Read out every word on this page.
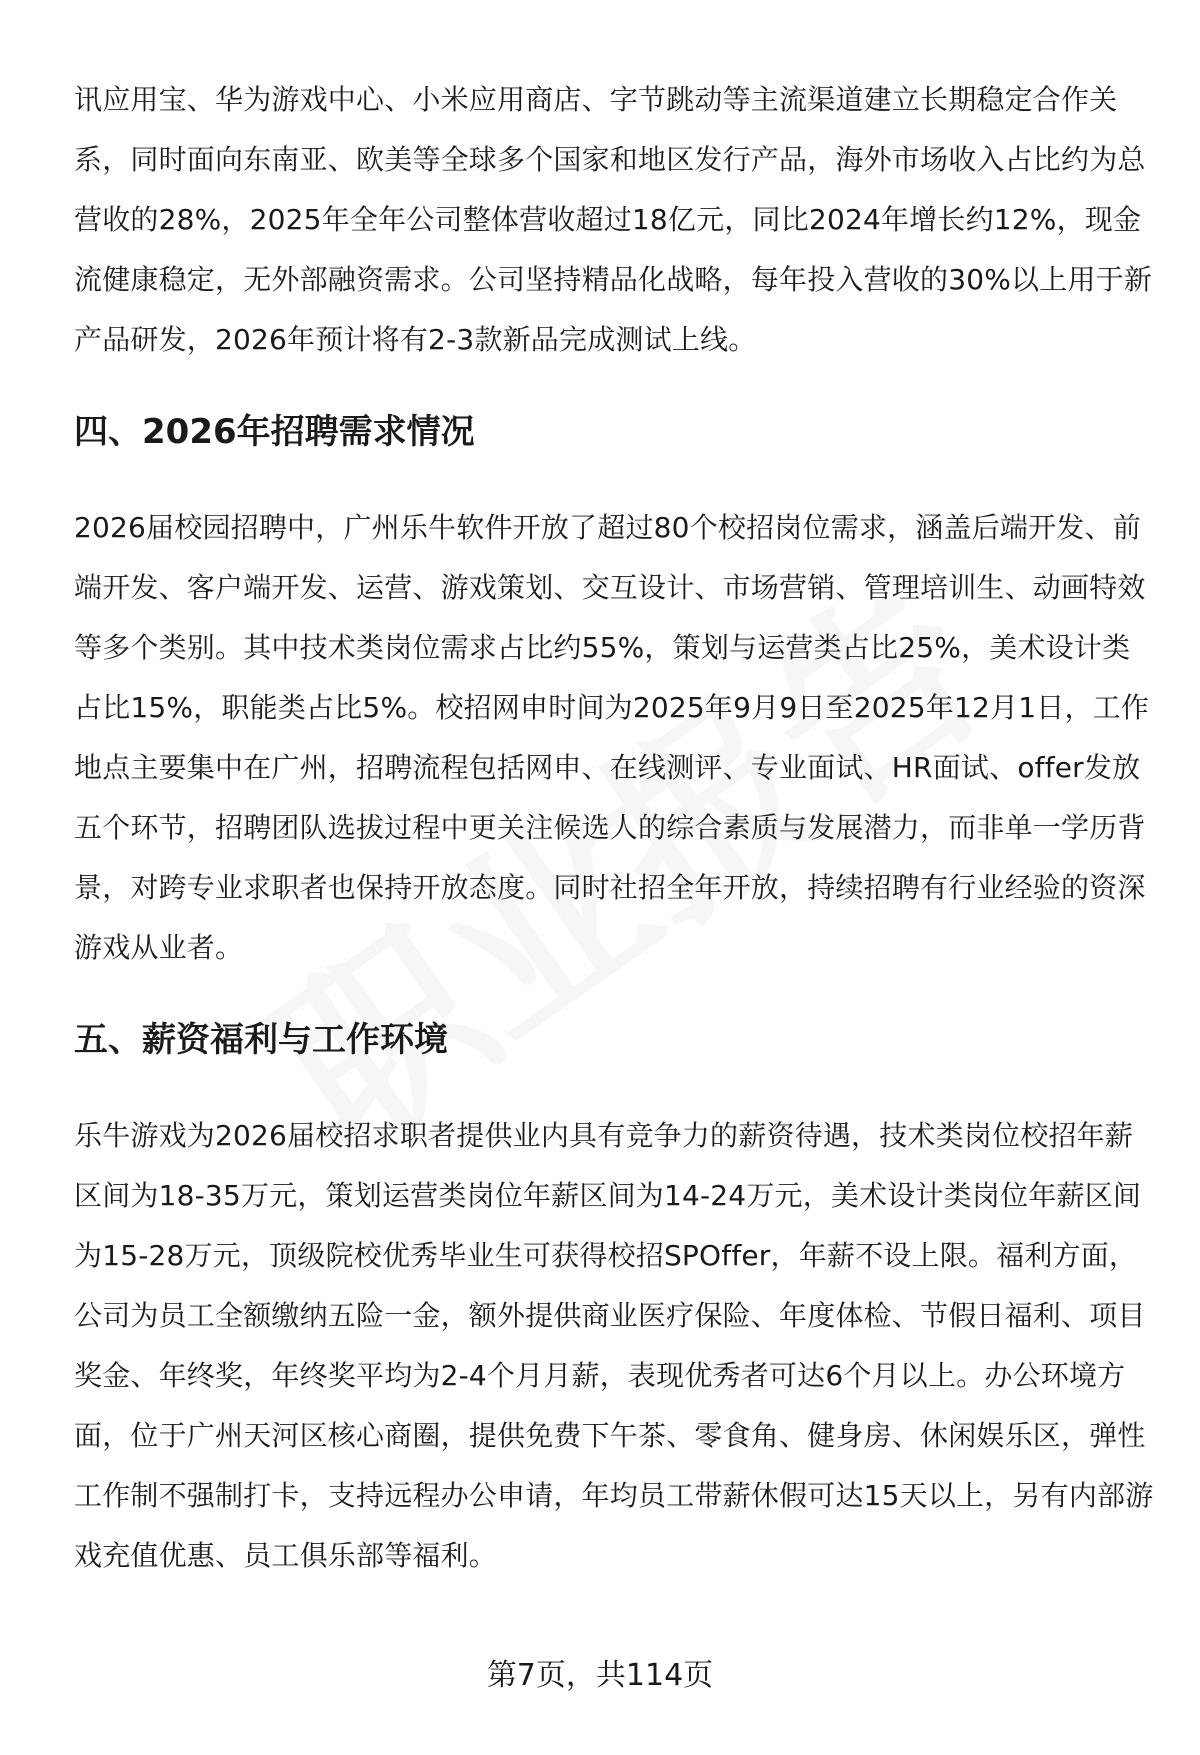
讯应用宝、华为游戏中心、小米应用商店、字节跳动等主流渠道建立长期稳定合作关系，同时面向东南亚、欧美等全球多个国家和地区发行产品，海外市场收入占比约为总营收的28%，2025年全年公司整体营收超过18亿元，同比2024年增长约12%，现金流健康稳定，无外部融资需求。公司坚持精品化战略，每年投入营收的30%以上用于新产品研发，2026年预计将有2-3款新品完成测试上线。

四、2026年招聘需求情况

2026届校园招聘中，广州乐牛软件开放了超过80个校招岗位需求，涵盖后端开发、前端开发、客户端开发、运营、游戏策划、交互设计、市场营销、管理培训生、动画特效等多个类别。其中技术类岗位需求占比约55%，策划与运营类占比25%，美术设计类占比15%，职能类占比5%。校招网申时间为2025年9月9日至2025年12月1日，工作地点主要集中在广州，招聘流程包括网申、在线测评、专业面试、HR面试、offer发放五个环节，招聘团队选拔过程中更关注候选人的综合素质与发展潜力，而非单一学历背景，对跨专业求职者也保持开放态度。同时社招全年开放，持续招聘有行业经验的资深游戏从业者。

五、薪资福利与工作环境

乐牛游戏为2026届校招求职者提供业内具有竞争力的薪资待遇，技术类岗位校招年薪区间为18-35万元，策划运营类岗位年薪区间为14-24万元，美术设计类岗位年薪区间为15-28万元，顶级院校优秀毕业生可获得校招SPOffer，年薪不设上限。福利方面，公司为员工全额缴纳五险一金，额外提供商业医疗保险、年度体检、节假日福利、项目奖金、年终奖，年终奖平均为2-4个月月薪，表现优秀者可达6个月以上。办公环境方面，位于广州天河区核心商圈，提供免费下午茶、零食角、健身房、休闲娱乐区，弹性工作制不强制打卡，支持远程办公申请，年均员工带薪休假可达15天以上，另有内部游戏充值优惠、员工俱乐部等福利。

第7页，共114页
